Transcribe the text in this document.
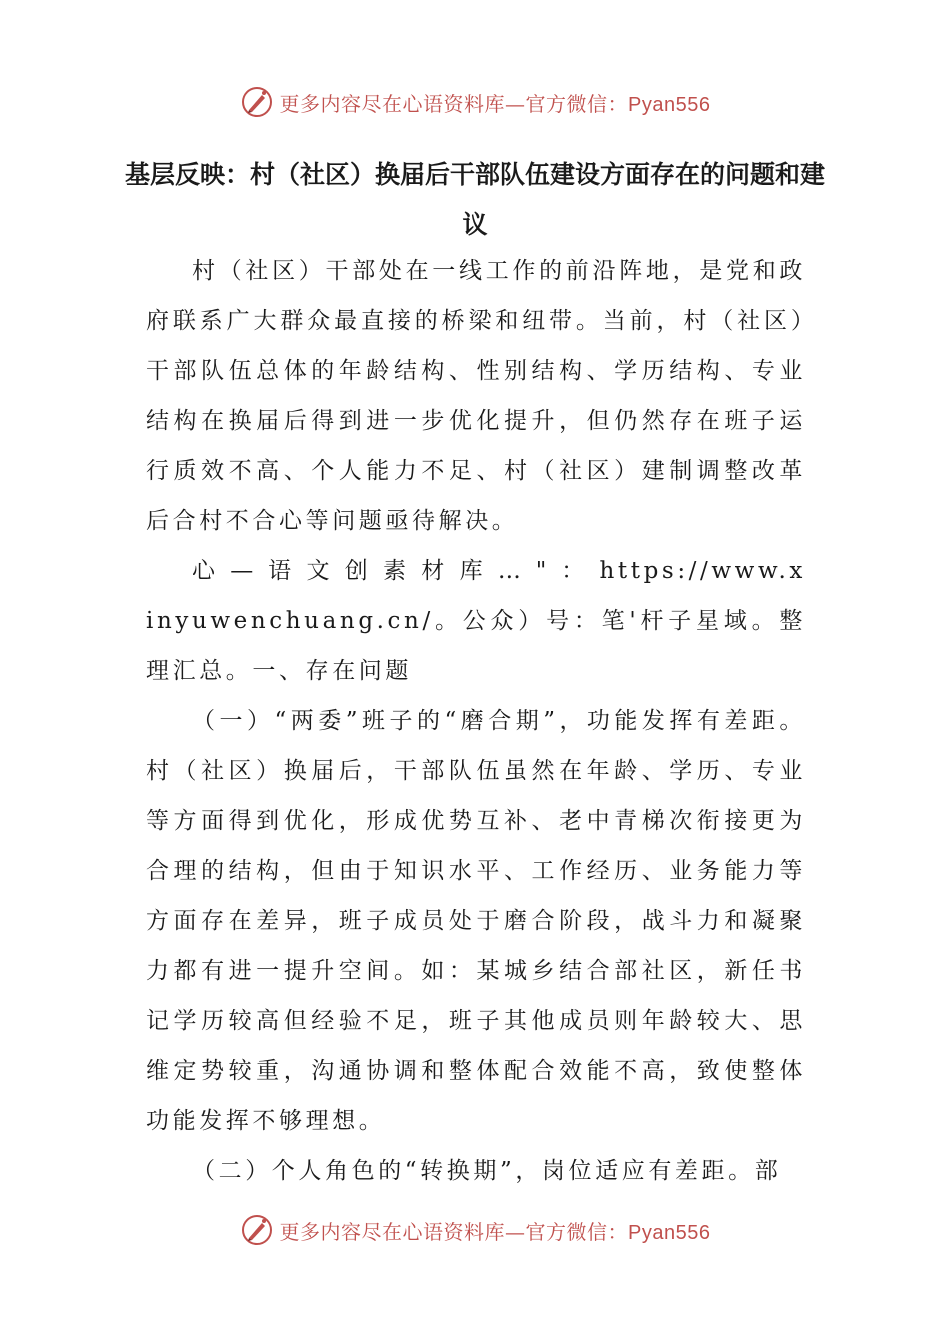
更多内容尽在心语资料库—官方微信：Pyan556
基层反映：村（社区）换届后干部队伍建设方面存在的问题和建议

村（社区）干部处在一线工作的前沿阵地，是党和政府联系广大群众最直接的桥梁和纽带。当前，村（社区）干部队伍总体的年龄结构、性别结构、学历结构、专业结构在换届后得到进一步优化提升，但仍然存在班子运行质效不高、个人能力不足、村（社区）建制调整改革后合村不合心等问题亟待解决。

心 — 语 文 创 素 材 库 … " ： https://www.xinyuwenchuang.cn/。公众）号：笔'杆子星域。整理汇总。一、存在问题

（一）“两委”班子的“磨合期”，功能发挥有差距。村（社区）换届后，干部队伍虽然在年龄、学历、专业等方面得到优化，形成优势互补、老中青梯次衔接更为合理的结构，但由于知识水平、工作经历、业务能力等方面存在差异，班子成员处于磨合阶段，战斗力和凝聚力都有进一提升空间。如：某城乡结合部社区，新任书记学历较高但经验不足，班子其他成员则年龄较大、思维定势较重，沟通协调和整体配合效能不高，致使整体功能发挥不够理想。

（二）个人角色的“转换期”，岗位适应有差距。部

更多内容尽在心语资料库—官方微信：Pyan556
